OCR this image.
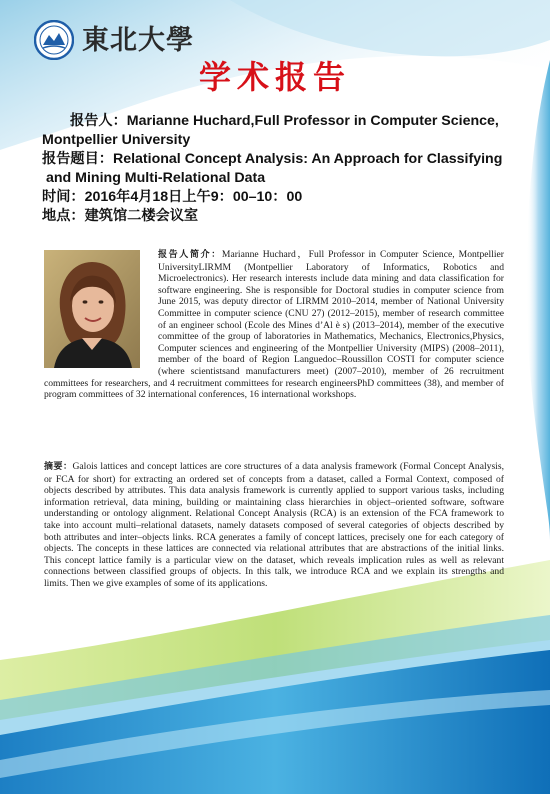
東北大學
学术报告
报告人：Marianne Huchard,Full Professor in Computer Science,
Montpellier University
报告题目：Relational Concept Analysis: An Approach for Classifying
and Mining Multi-Relational Data
时间：2016年4月18日上午9：00–10：00
地点：建筑馆二楼会议室

报告人简介：Marianne Huchard，Full Professor in Computer Science, Montpellier UniversityLIRMM (Montpellier Laboratory of Informatics, Robotics and Microelectronics). Her research interests include data mining and data classification for software engineering. She is responsible for Doctoral studies in computer science from June 2015, was deputy director of LIRMM 2010–2014, member of National University Committee in computer science (CNU 27) (2012–2015), member of research committee of an engineer school (Ecole des Mines d’Al è s) (2013–2014), member of the executive committee of the group of laboratories in Mathematics, Mechanics, Electronics,Physics, Computer sciences and engineering of the Montpellier University (MIPS) (2008–2011), member of the board of Region Languedoc–Roussillon COSTI for computer science (where scientistsand manufacturers meet) (2007–2010), member of 26 recruitment committees for researchers, and 4 recruitment committees for research engineersPhD committees (38), and member of program committees of 32 international conferences, 16 international workshops.

摘要：Galois lattices and concept lattices are core structures of a data analysis framework (Formal Concept Analysis, or FCA for short) for extracting an ordered set of concepts from a dataset, called a Formal Context, composed of objects described by attributes. This data analysis framework is currently applied to support various tasks, including information retrieval, data mining, building or maintaining class hierarchies in object–oriented software, software understanding or ontology alignment. Relational Concept Analysis (RCA) is an extension of the FCA framework to take into account multi–relational datasets, namely datasets composed of several categories of objects described by both attributes and inter–objects links. RCA generates a family of concept lattices, precisely one for each category of objects. The concepts in these lattices are connected via relational attributes that are abstractions of the initial links. This concept lattice family is a particular view on the dataset, which reveals implication rules as well as relevant connections between classified groups of objects. In this talk, we introduce RCA and we explain its strengths and limits. Then we give examples of some of its applications.
